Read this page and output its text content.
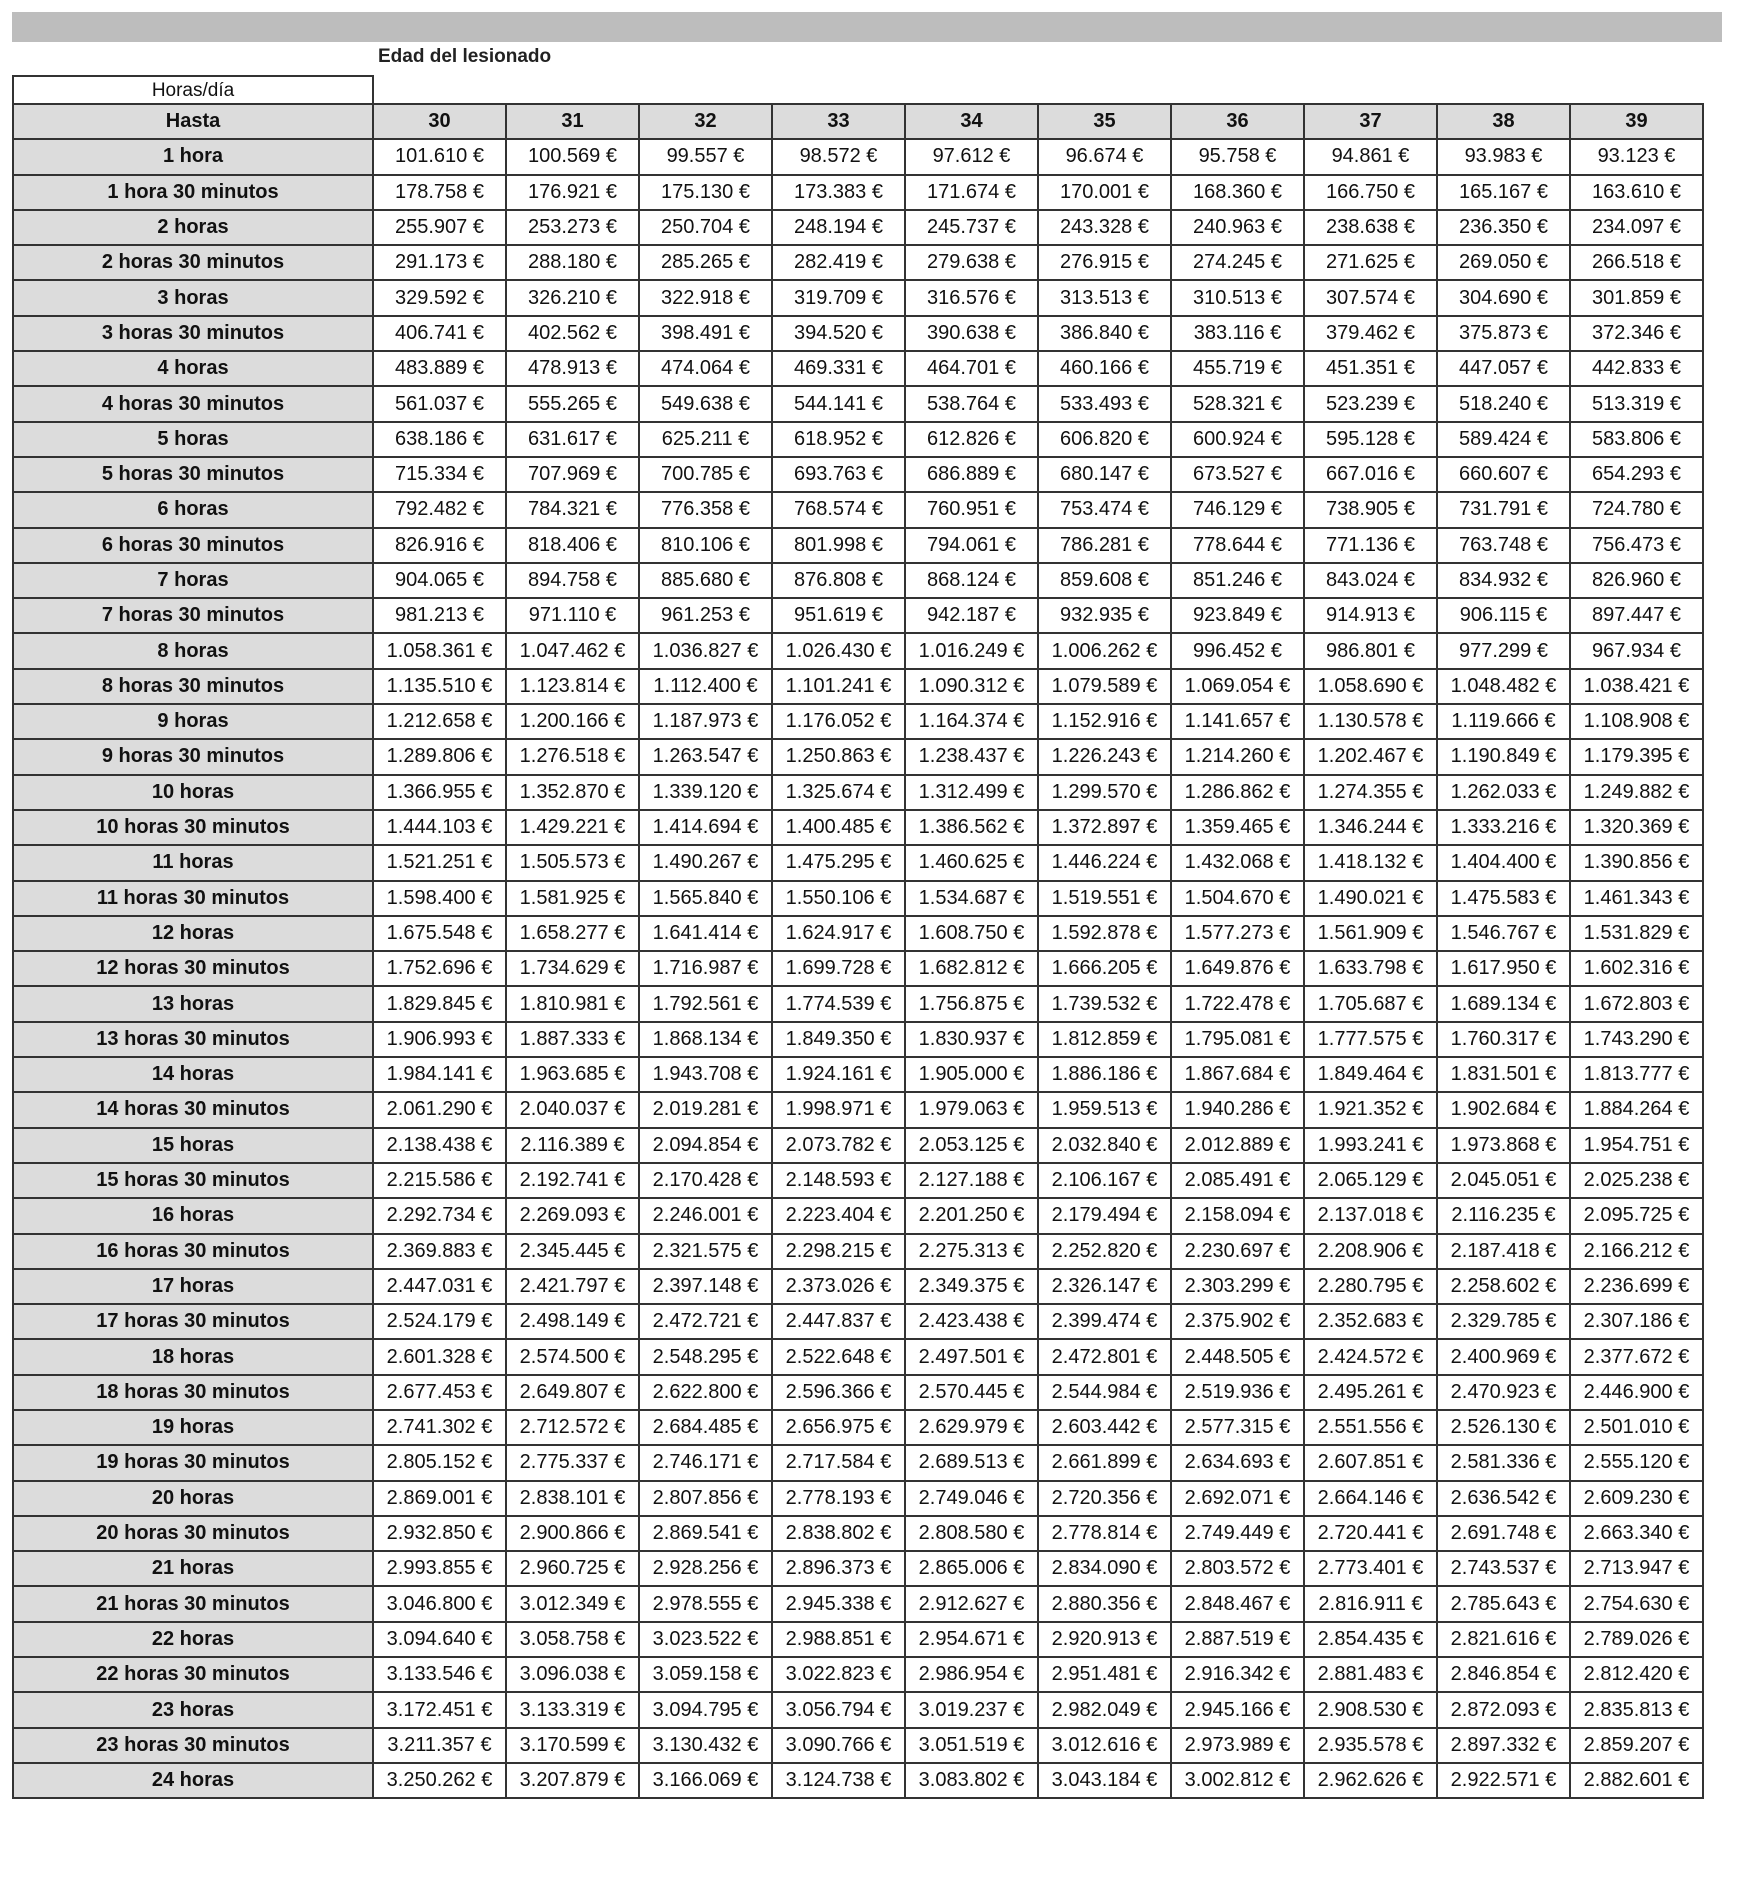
Edad del lesionado
Horas/día
Hasta	30	31	32	33	34	35	36	37	38	39
1 hora	101.610 €	100.569 €	99.557 €	98.572 €	97.612 €	96.674 €	95.758 €	94.861 €	93.983 €	93.123 €
1 hora 30 minutos	178.758 €	176.921 €	175.130 €	173.383 €	171.674 €	170.001 €	168.360 €	166.750 €	165.167 €	163.610 €
2 horas	255.907 €	253.273 €	250.704 €	248.194 €	245.737 €	243.328 €	240.963 €	238.638 €	236.350 €	234.097 €
2 horas 30 minutos	291.173 €	288.180 €	285.265 €	282.419 €	279.638 €	276.915 €	274.245 €	271.625 €	269.050 €	266.518 €
3 horas	329.592 €	326.210 €	322.918 €	319.709 €	316.576 €	313.513 €	310.513 €	307.574 €	304.690 €	301.859 €
3 horas 30 minutos	406.741 €	402.562 €	398.491 €	394.520 €	390.638 €	386.840 €	383.116 €	379.462 €	375.873 €	372.346 €
4 horas	483.889 €	478.913 €	474.064 €	469.331 €	464.701 €	460.166 €	455.719 €	451.351 €	447.057 €	442.833 €
4 horas 30 minutos	561.037 €	555.265 €	549.638 €	544.141 €	538.764 €	533.493 €	528.321 €	523.239 €	518.240 €	513.319 €
5 horas	638.186 €	631.617 €	625.211 €	618.952 €	612.826 €	606.820 €	600.924 €	595.128 €	589.424 €	583.806 €
5 horas 30 minutos	715.334 €	707.969 €	700.785 €	693.763 €	686.889 €	680.147 €	673.527 €	667.016 €	660.607 €	654.293 €
6 horas	792.482 €	784.321 €	776.358 €	768.574 €	760.951 €	753.474 €	746.129 €	738.905 €	731.791 €	724.780 €
6 horas 30 minutos	826.916 €	818.406 €	810.106 €	801.998 €	794.061 €	786.281 €	778.644 €	771.136 €	763.748 €	756.473 €
7 horas	904.065 €	894.758 €	885.680 €	876.808 €	868.124 €	859.608 €	851.246 €	843.024 €	834.932 €	826.960 €
7 horas 30 minutos	981.213 €	971.110 €	961.253 €	951.619 €	942.187 €	932.935 €	923.849 €	914.913 €	906.115 €	897.447 €
8 horas	1.058.361 €	1.047.462 €	1.036.827 €	1.026.430 €	1.016.249 €	1.006.262 €	996.452 €	986.801 €	977.299 €	967.934 €
8 horas 30 minutos	1.135.510 €	1.123.814 €	1.112.400 €	1.101.241 €	1.090.312 €	1.079.589 €	1.069.054 €	1.058.690 €	1.048.482 €	1.038.421 €
9 horas	1.212.658 €	1.200.166 €	1.187.973 €	1.176.052 €	1.164.374 €	1.152.916 €	1.141.657 €	1.130.578 €	1.119.666 €	1.108.908 €
9 horas 30 minutos	1.289.806 €	1.276.518 €	1.263.547 €	1.250.863 €	1.238.437 €	1.226.243 €	1.214.260 €	1.202.467 €	1.190.849 €	1.179.395 €
10 horas	1.366.955 €	1.352.870 €	1.339.120 €	1.325.674 €	1.312.499 €	1.299.570 €	1.286.862 €	1.274.355 €	1.262.033 €	1.249.882 €
10 horas 30 minutos	1.444.103 €	1.429.221 €	1.414.694 €	1.400.485 €	1.386.562 €	1.372.897 €	1.359.465 €	1.346.244 €	1.333.216 €	1.320.369 €
11 horas	1.521.251 €	1.505.573 €	1.490.267 €	1.475.295 €	1.460.625 €	1.446.224 €	1.432.068 €	1.418.132 €	1.404.400 €	1.390.856 €
11 horas 30 minutos	1.598.400 €	1.581.925 €	1.565.840 €	1.550.106 €	1.534.687 €	1.519.551 €	1.504.670 €	1.490.021 €	1.475.583 €	1.461.343 €
12 horas	1.675.548 €	1.658.277 €	1.641.414 €	1.624.917 €	1.608.750 €	1.592.878 €	1.577.273 €	1.561.909 €	1.546.767 €	1.531.829 €
12 horas 30 minutos	1.752.696 €	1.734.629 €	1.716.987 €	1.699.728 €	1.682.812 €	1.666.205 €	1.649.876 €	1.633.798 €	1.617.950 €	1.602.316 €
13 horas	1.829.845 €	1.810.981 €	1.792.561 €	1.774.539 €	1.756.875 €	1.739.532 €	1.722.478 €	1.705.687 €	1.689.134 €	1.672.803 €
13 horas 30 minutos	1.906.993 €	1.887.333 €	1.868.134 €	1.849.350 €	1.830.937 €	1.812.859 €	1.795.081 €	1.777.575 €	1.760.317 €	1.743.290 €
14 horas	1.984.141 €	1.963.685 €	1.943.708 €	1.924.161 €	1.905.000 €	1.886.186 €	1.867.684 €	1.849.464 €	1.831.501 €	1.813.777 €
14 horas 30 minutos	2.061.290 €	2.040.037 €	2.019.281 €	1.998.971 €	1.979.063 €	1.959.513 €	1.940.286 €	1.921.352 €	1.902.684 €	1.884.264 €
15 horas	2.138.438 €	2.116.389 €	2.094.854 €	2.073.782 €	2.053.125 €	2.032.840 €	2.012.889 €	1.993.241 €	1.973.868 €	1.954.751 €
15 horas 30 minutos	2.215.586 €	2.192.741 €	2.170.428 €	2.148.593 €	2.127.188 €	2.106.167 €	2.085.491 €	2.065.129 €	2.045.051 €	2.025.238 €
16 horas	2.292.734 €	2.269.093 €	2.246.001 €	2.223.404 €	2.201.250 €	2.179.494 €	2.158.094 €	2.137.018 €	2.116.235 €	2.095.725 €
16 horas 30 minutos	2.369.883 €	2.345.445 €	2.321.575 €	2.298.215 €	2.275.313 €	2.252.820 €	2.230.697 €	2.208.906 €	2.187.418 €	2.166.212 €
17 horas	2.447.031 €	2.421.797 €	2.397.148 €	2.373.026 €	2.349.375 €	2.326.147 €	2.303.299 €	2.280.795 €	2.258.602 €	2.236.699 €
17 horas 30 minutos	2.524.179 €	2.498.149 €	2.472.721 €	2.447.837 €	2.423.438 €	2.399.474 €	2.375.902 €	2.352.683 €	2.329.785 €	2.307.186 €
18 horas	2.601.328 €	2.574.500 €	2.548.295 €	2.522.648 €	2.497.501 €	2.472.801 €	2.448.505 €	2.424.572 €	2.400.969 €	2.377.672 €
18 horas 30 minutos	2.677.453 €	2.649.807 €	2.622.800 €	2.596.366 €	2.570.445 €	2.544.984 €	2.519.936 €	2.495.261 €	2.470.923 €	2.446.900 €
19 horas	2.741.302 €	2.712.572 €	2.684.485 €	2.656.975 €	2.629.979 €	2.603.442 €	2.577.315 €	2.551.556 €	2.526.130 €	2.501.010 €
19 horas 30 minutos	2.805.152 €	2.775.337 €	2.746.171 €	2.717.584 €	2.689.513 €	2.661.899 €	2.634.693 €	2.607.851 €	2.581.336 €	2.555.120 €
20 horas	2.869.001 €	2.838.101 €	2.807.856 €	2.778.193 €	2.749.046 €	2.720.356 €	2.692.071 €	2.664.146 €	2.636.542 €	2.609.230 €
20 horas 30 minutos	2.932.850 €	2.900.866 €	2.869.541 €	2.838.802 €	2.808.580 €	2.778.814 €	2.749.449 €	2.720.441 €	2.691.748 €	2.663.340 €
21 horas	2.993.855 €	2.960.725 €	2.928.256 €	2.896.373 €	2.865.006 €	2.834.090 €	2.803.572 €	2.773.401 €	2.743.537 €	2.713.947 €
21 horas 30 minutos	3.046.800 €	3.012.349 €	2.978.555 €	2.945.338 €	2.912.627 €	2.880.356 €	2.848.467 €	2.816.911 €	2.785.643 €	2.754.630 €
22 horas	3.094.640 €	3.058.758 €	3.023.522 €	2.988.851 €	2.954.671 €	2.920.913 €	2.887.519 €	2.854.435 €	2.821.616 €	2.789.026 €
22 horas 30 minutos	3.133.546 €	3.096.038 €	3.059.158 €	3.022.823 €	2.986.954 €	2.951.481 €	2.916.342 €	2.881.483 €	2.846.854 €	2.812.420 €
23 horas	3.172.451 €	3.133.319 €	3.094.795 €	3.056.794 €	3.019.237 €	2.982.049 €	2.945.166 €	2.908.530 €	2.872.093 €	2.835.813 €
23 horas 30 minutos	3.211.357 €	3.170.599 €	3.130.432 €	3.090.766 €	3.051.519 €	3.012.616 €	2.973.989 €	2.935.578 €	2.897.332 €	2.859.207 €
24 horas	3.250.262 €	3.207.879 €	3.166.069 €	3.124.738 €	3.083.802 €	3.043.184 €	3.002.812 €	2.962.626 €	2.922.571 €	2.882.601 €
